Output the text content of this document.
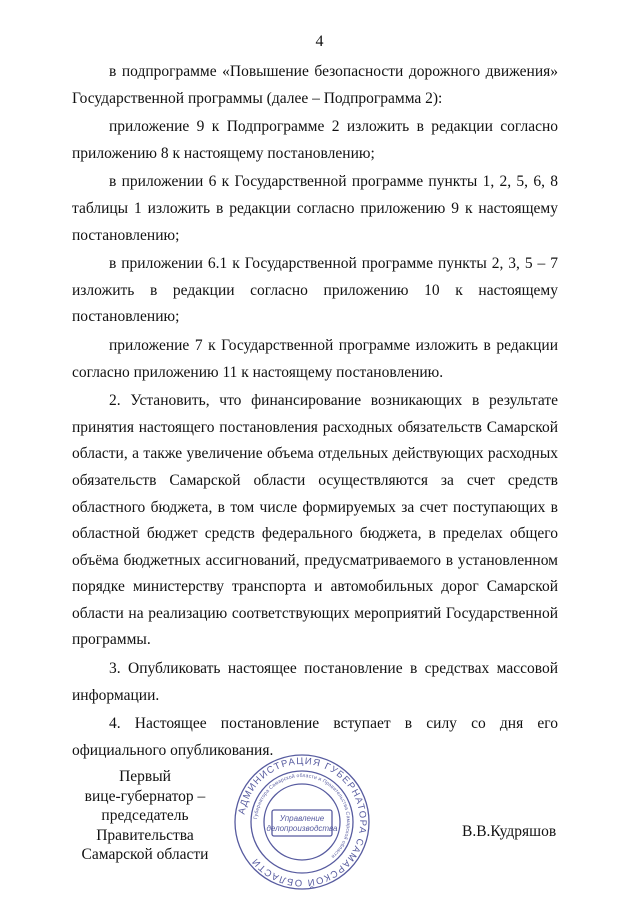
4

в подпрограмме «Повышение безопасности дорожного движения» Государственной программы (далее – Подпрограмма 2):

приложение 9 к Подпрограмме 2 изложить в редакции согласно приложению 8 к настоящему постановлению;

в приложении 6 к Государственной программе пункты 1, 2, 5, 6, 8 таблицы 1 изложить в редакции согласно приложению 9 к настоящему постановлению;

в приложении 6.1 к Государственной программе пункты 2, 3, 5 – 7 изложить в редакции согласно приложению 10 к настоящему постановлению;

приложение 7 к Государственной программе изложить в редакции согласно приложению 11 к настоящему постановлению.

2. Установить, что финансирование возникающих в результате принятия настоящего постановления расходных обязательств Самарской области, а также увеличение объема отдельных действующих расходных обязательств Самарской области осуществляются за счет средств областного бюджета, в том числе формируемых за счет поступающих в областной бюджет средств федерального бюджета, в пределах общего объёма бюджетных ассигнований, предусматриваемого в установленном порядке министерству транспорта и автомобильных дорог Самарской области на реализацию соответствующих мероприятий Государственной программы.

3. Опубликовать настоящее постановление в средствах массовой информации.

4. Настоящее постановление вступает в силу со дня его официального опубликования.

Первый
вице-губернатор –
председатель Правительства
Самарской области
В.В.Кудряшов
АДМИНИСТРАЦИЯ ГУБЕРНАТОРА САМАРСКОЙ ОБЛАСТИ
Губернатора Самарской области и Правительства Самарской области
Управление
делопроизводства
